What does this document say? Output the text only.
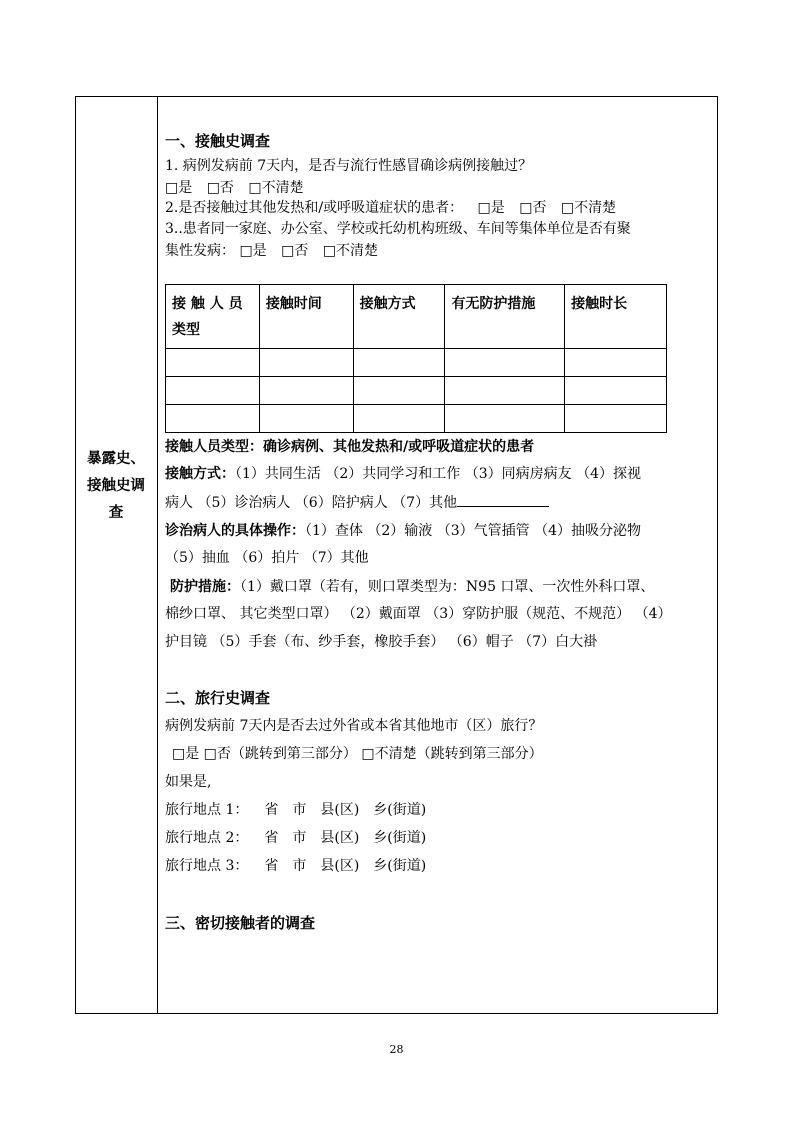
暴露史、
接触史调
查
一、接触史调查
1. 病例发病前 7天内，是否与流行性感冒确诊病例接触过？
□是 □否 □不清楚
2.是否接触过其他发热和/或呼吸道症状的患者： □是 □否 □不清楚
3..患者同一家庭、办公室、学校或托幼机构班级、车间等集体单位是否有聚
集性发病： □是 □否 □不清楚
接 触 人 员 类型	接触时间	接触方式	有无防护措施	接触时长

接触人员类型：确诊病例、其他发热和/或呼吸道症状的患者
接触方式：（1）共同生活 （2）共同学习和工作 （3）同病房病友 （4）探视
病人 （5）诊治病人 （6）陪护病人 （7）其他
诊治病人的具体操作：（1）查体 （2）输液 （3）气管插管 （4）抽吸分泌物
（5）抽血 （6）拍片 （7）其他
防护措施：（1）戴口罩（若有，则口罩类型为：N95 口罩、一次性外科口罩、
棉纱口罩、 其它类型口罩） （2）戴面罩 （3）穿防护服（规范、不规范） （4）
护目镜 （5）手套（布、纱手套，橡胶手套） （6）帽子 （7）白大褂
二、旅行史调查
病例发病前 7天内是否去过外省或本省其他地市（区）旅行？
□是 □否（跳转到第三部分） □不清楚（跳转到第三部分）
如果是,
旅行地点 1： 省　市　县(区)　乡(街道)
旅行地点 2： 省　市　县(区)　乡(街道)
旅行地点 3： 省　市　县(区)　乡(街道)
三、密切接触者的调查
28
